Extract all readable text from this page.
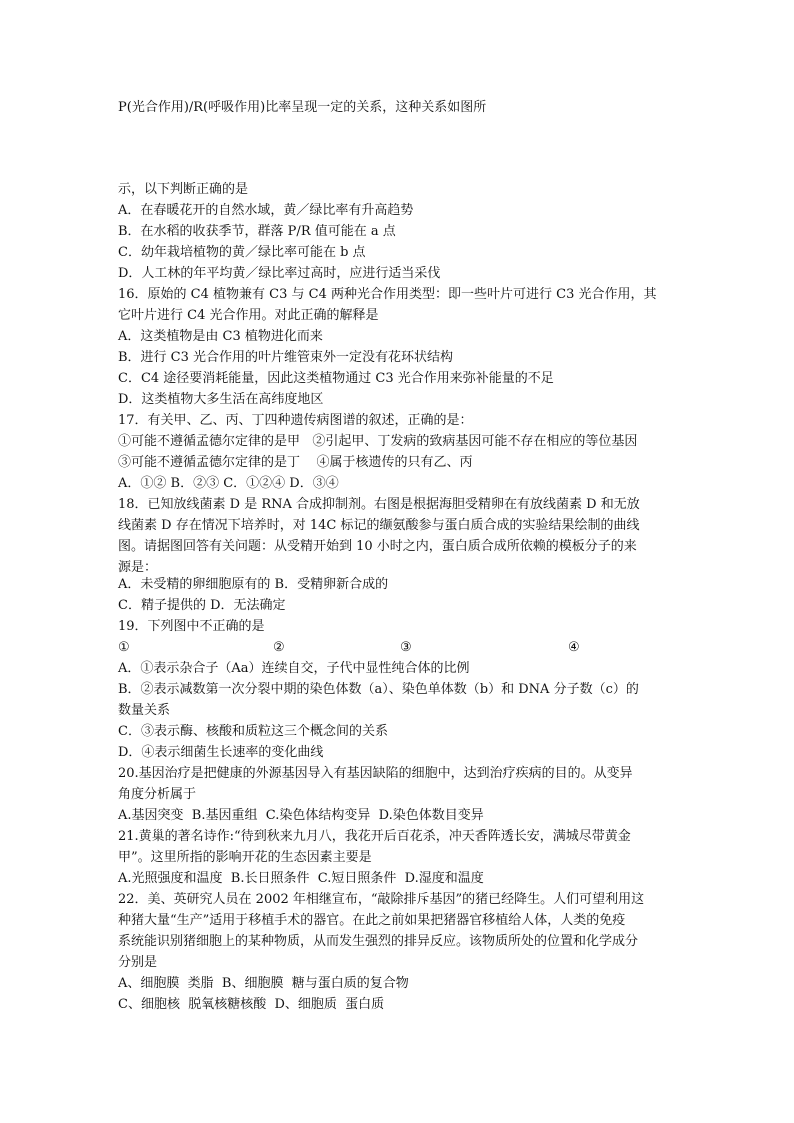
P(光合作用)/R(呼吸作用)比率呈现一定的关系，这种关系如图所
示，以下判断正确的是
A．在春暖花开的自然水域，黄／绿比率有升高趋势
B．在水稻的收获季节，群落 P/R 值可能在 a 点
C．幼年栽培植物的黄／绿比率可能在 b 点
D．人工林的年平均黄／绿比率过高时，应进行适当采伐
16．原始的 C4 植物兼有 C3 与 C4 两种光合作用类型：即一些叶片可进行 C3 光合作用，其
它叶片进行 C4 光合作用。对此正确的解释是
A．这类植物是由 C3 植物进化而来
B．进行 C3 光合作用的叶片维管束外一定没有花环状结构
C．C4 途径要消耗能量，因此这类植物通过 C3 光合作用来弥补能量的不足
D．这类植物大多生活在高纬度地区
17．有关甲、乙、丙、丁四种遗传病图谱的叙述，正确的是：
①可能不遵循孟德尔定律的是甲   ②引起甲、丁发病的致病基因可能不存在相应的等位基因
③可能不遵循孟德尔定律的是丁    ④属于核遗传的只有乙、丙
A．①② B．②③ C．①②④ D．③④
18．已知放线菌素 D 是 RNA 合成抑制剂。右图是根据海胆受精卵在有放线菌素 D 和无放
线菌素 D 存在情况下培养时，对 14C 标记的缬氨酸参与蛋白质合成的实验结果绘制的曲线
图。请据图回答有关问题：从受精开始到 10 小时之内，蛋白质合成所依赖的模板分子的来
源是：
A．未受精的卵细胞原有的 B．受精卵新合成的
C．精子提供的 D．无法确定
19．下列图中不正确的是
①	②	③	④
A．①表示杂合子（Aa）连续自交，子代中显性纯合体的比例
B．②表示减数第一次分裂中期的染色体数（a）、染色单体数（b）和 DNA 分子数（c）的
数量关系
C．③表示酶、核酸和质粒这三个概念间的关系
D．④表示细菌生长速率的变化曲线
20.基因治疗是把健康的外源基因导入有基因缺陷的细胞中，达到治疗疾病的目的。从变异
角度分析属于
A.基因突变  B.基因重组  C.染色体结构变异  D.染色体数目变异
21.黄巢的著名诗作:“待到秋来九月八，我花开后百花杀，冲天香阵透长安，满城尽带黄金
甲”。这里所指的影响开花的生态因素主要是
A.光照强度和温度  B.长日照条件  C.短日照条件  D.湿度和温度
22．美、英研究人员在 2002 年相继宣布，“敲除排斥基因”的猪已经降生。人们可望利用这
种猪大量“生产”适用于移植手术的器官。在此之前如果把猪器官移植给人体，人类的免疫
系统能识别猪细胞上的某种物质，从而发生强烈的排异反应。该物质所处的位置和化学成分
分别是
A、细胞膜  类脂  B、细胞膜  糖与蛋白质的复合物
C、细胞核  脱氧核糖核酸  D、细胞质  蛋白质
